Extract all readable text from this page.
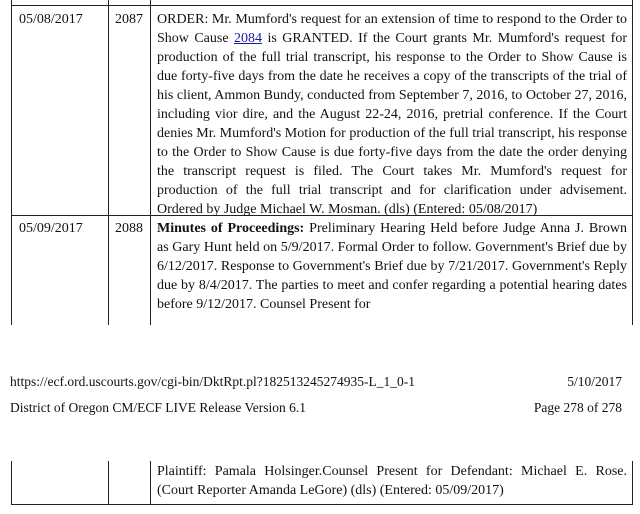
05/08/2017 2087 ORDER: Mr. Mumford's request for an extension of time to respond to the Order to Show Cause 2084 is GRANTED. If the Court grants Mr. Mumford's request for production of the full trial transcript, his response to the Order to Show Cause is due forty-five days from the date he receives a copy of the transcripts of the trial of his client, Ammon Bundy, conducted from September 7, 2016, to October 27, 2016, including vior dire, and the August 22-24, 2016, pretrial conference. If the Court denies Mr. Mumford's Motion for production of the full trial transcript, his response to the Order to Show Cause is due forty-five days from the date the order denying the transcript request is filed. The Court takes Mr. Mumford's request for production of the full trial transcript and for clarification under advisement. Ordered by Judge Michael W. Mosman. (dls) (Entered: 05/08/2017)
05/09/2017 2088 Minutes of Proceedings: Preliminary Hearing Held before Judge Anna J. Brown as Gary Hunt held on 5/9/2017. Formal Order to follow. Government's Brief due by 6/12/2017. Response to Government's Brief due by 7/21/2017. Government's Reply due by 8/4/2017. The parties to meet and confer regarding a potential hearing dates before 9/12/2017. Counsel Present for
https://ecf.ord.uscourts.gov/cgi-bin/DktRpt.pl?182513245274935-L_1_0-1	5/10/2017
District of Oregon CM/ECF LIVE Release Version 6.1	Page 278 of 278
Plaintiff: Pamala Holsinger.Counsel Present for Defendant: Michael E. Rose. (Court Reporter Amanda LeGore) (dls) (Entered: 05/09/2017)
